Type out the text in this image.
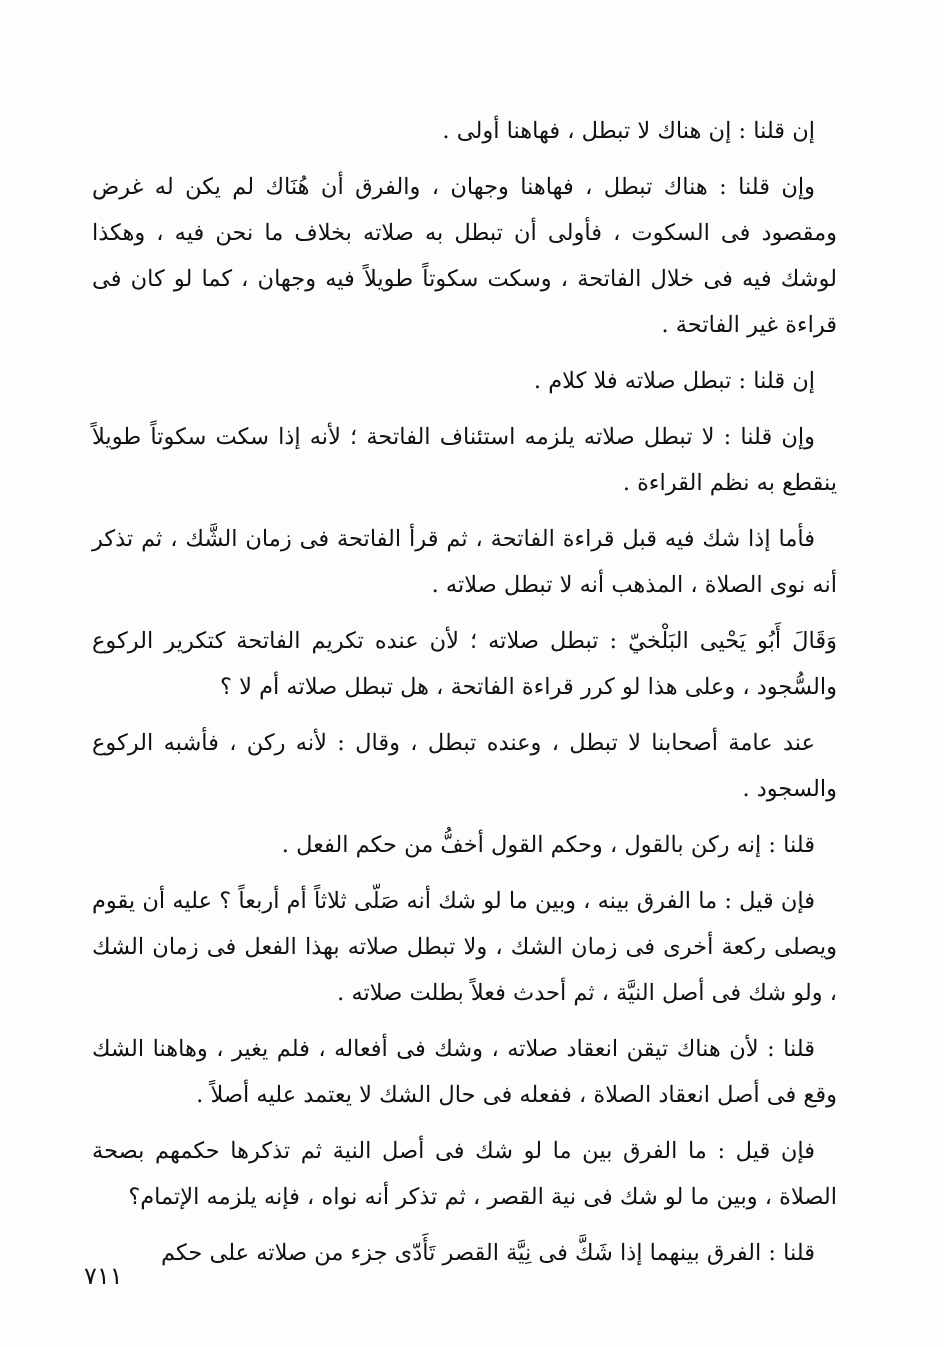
إن قلنا : إن هناك لا تبطل ، فهاهنا أولى .

وإن قلنا : هناك تبطل ، فهاهنا وجهان ، والفرق أن هُنَاك لم يكن له غرض ومقصود فى السكوت ، فأولى أن تبطل به صلاته بخلاف ما نحن فيه ، وهكذا لوشك فيه فى خلال الفاتحة ، وسكت سكوتاً طويلاً فيه وجهان ، كما لو كان فى قراءة غير الفاتحة .

إن قلنا : تبطل صلاته فلا كلام .

وإن قلنا : لا تبطل صلاته يلزمه استئناف الفاتحة ؛ لأنه إذا سكت سكوتاً طويلاً ينقطع به نظم القراءة .

فأما إذا شك فيه قبل قراءة الفاتحة ، ثم قرأ الفاتحة فى زمان الشَّك ، ثم تذكر أنه نوى الصلاة ، المذهب أنه لا تبطل صلاته .

وَقَالَ أَبُو يَحْيى البَلْخيّ : تبطل صلاته ؛ لأن عنده تكريم الفاتحة كتكرير الركوع والسُّجود ، وعلى هذا لو كرر قراءة الفاتحة ، هل تبطل صلاته أم لا ؟

عند عامة أصحابنا لا تبطل ، وعنده تبطل ، وقال : لأنه ركن ، فأشبه الركوع والسجود .

قلنا : إنه ركن بالقول ، وحكم القول أخفُّ من حكم الفعل .

فإن قيل : ما الفرق بينه ، وبين ما لو شك أنه صَلّى ثلاثاً أم أربعاً ؟ عليه أن يقوم ويصلى ركعة أخرى فى زمان الشك ، ولا تبطل صلاته بهذا الفعل فى زمان الشك ، ولو شك فى أصل النيَّة ، ثم أحدث فعلاً بطلت صلاته .

قلنا : لأن هناك تيقن انعقاد صلاته ، وشك فى أفعاله ، فلم يغير ، وهاهنا الشك وقع فى أصل انعقاد الصلاة ، ففعله فى حال الشك لا يعتمد عليه أصلاً .

فإن قيل : ما الفرق بين ما لو شك فى أصل النية ثم تذكرها حكمهم بصحة الصلاة ، وبين ما لو شك فى نية القصر ، ثم تذكر أنه نواه ، فإنه يلزمه الإتمام؟

قلنا : الفرق بينهما إذا شَكَّ فى نِيَّة القصر تَأَدّى جزء من صلاته على حكم

٧١١
